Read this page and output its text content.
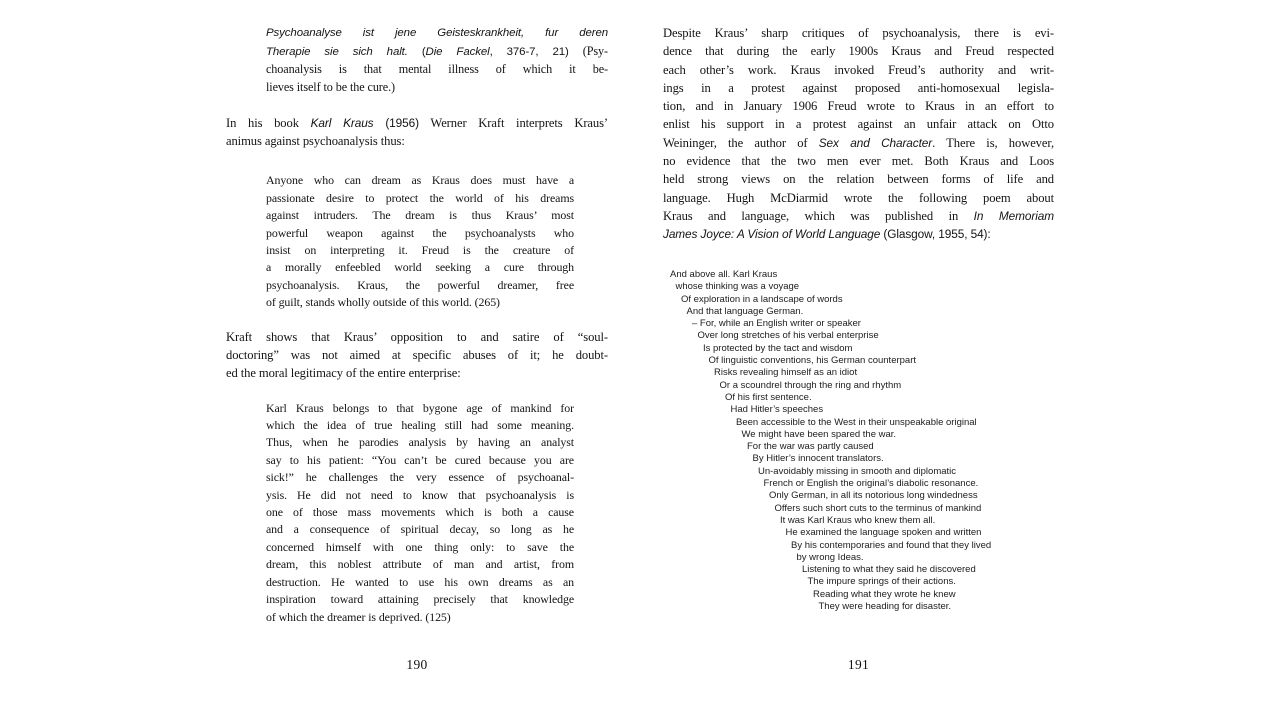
Psychoanalyse ist jene Geisteskrankheit, fur deren
Therapie sie sich halt. (Die Fackel, 376-7, 21) (Psy-
choanalysis is that mental illness of which it be-
lieves itself to be the cure.)
In his book Karl Kraus (1956) Werner Kraft interprets Kraus’
animus against psychoanalysis thus:
Anyone who can dream as Kraus does must have a
passionate desire to protect the world of his dreams
against intruders. The dream is thus Kraus’ most
powerful weapon against the psychoanalysts who
insist on interpreting it. Freud is the creature of
a morally enfeebled world seeking a cure through
psychoanalysis. Kraus, the powerful dreamer, free
of guilt, stands wholly outside of this world. (265)
Kraft shows that Kraus’ opposition to and satire of “soul-
doctoring” was not aimed at specific abuses of it; he doubt-
ed the moral legitimacy of the entire enterprise:
Karl Kraus belongs to that bygone age of mankind for
which the idea of true healing still had some meaning.
Thus, when he parodies analysis by having an analyst
say to his patient: “You can’t be cured because you are
sick!” he challenges the very essence of psychoanal-
ysis. He did not need to know that psychoanalysis is
one of those mass movements which is both a cause
and a consequence of spiritual decay, so long as he
concerned himself with one thing only: to save the
dream, this noblest attribute of man and artist, from
destruction. He wanted to use his own dreams as an
inspiration toward attaining precisely that knowledge
of which the dreamer is deprived. (125)
Despite Kraus’ sharp critiques of psychoanalysis, there is evi-
dence that during the early 1900s Kraus and Freud respected
each other’s work. Kraus invoked Freud’s authority and writ-
ings in a protest against proposed anti-homosexual legisla-
tion, and in January 1906 Freud wrote to Kraus in an effort to
enlist his support in a protest against an unfair attack on Otto
Weininger, the author of Sex and Character. There is, however,
no evidence that the two men ever met. Both Kraus and Loos
held strong views on the relation between forms of life and
language. Hugh McDiarmid wrote the following poem about
Kraus and language, which was published in In Memoriam
James Joyce: A Vision of World Language (Glasgow, 1955, 54):
And above all. Karl Kraus
whose thinking was a voyage
Of exploration in a landscape of words
And that language German.
– For, while an English writer or speaker
Over long stretches of his verbal enterprise
Is protected by the tact and wisdom
Of linguistic conventions, his German counterpart
Risks revealing himself as an idiot
Or a scoundrel through the ring and rhythm
Of his first sentence.
Had Hitler’s speeches
Been accessible to the West in their unspeakable original
We might have been spared the war.
For the war was partly caused
By Hitler’s innocent translators.
Un-avoidably missing in smooth and diplomatic
French or English the original’s diabolic resonance.
Only German, in all its notorious long windedness
Offers such short cuts to the terminus of mankind
It was Karl Kraus who knew them all.
He examined the language spoken and written
By his contemporaries and found that they lived
by wrong Ideas.
Listening to what they said he discovered
The impure springs of their actions.
Reading what they wrote he knew
They were heading for disaster.
190	191
